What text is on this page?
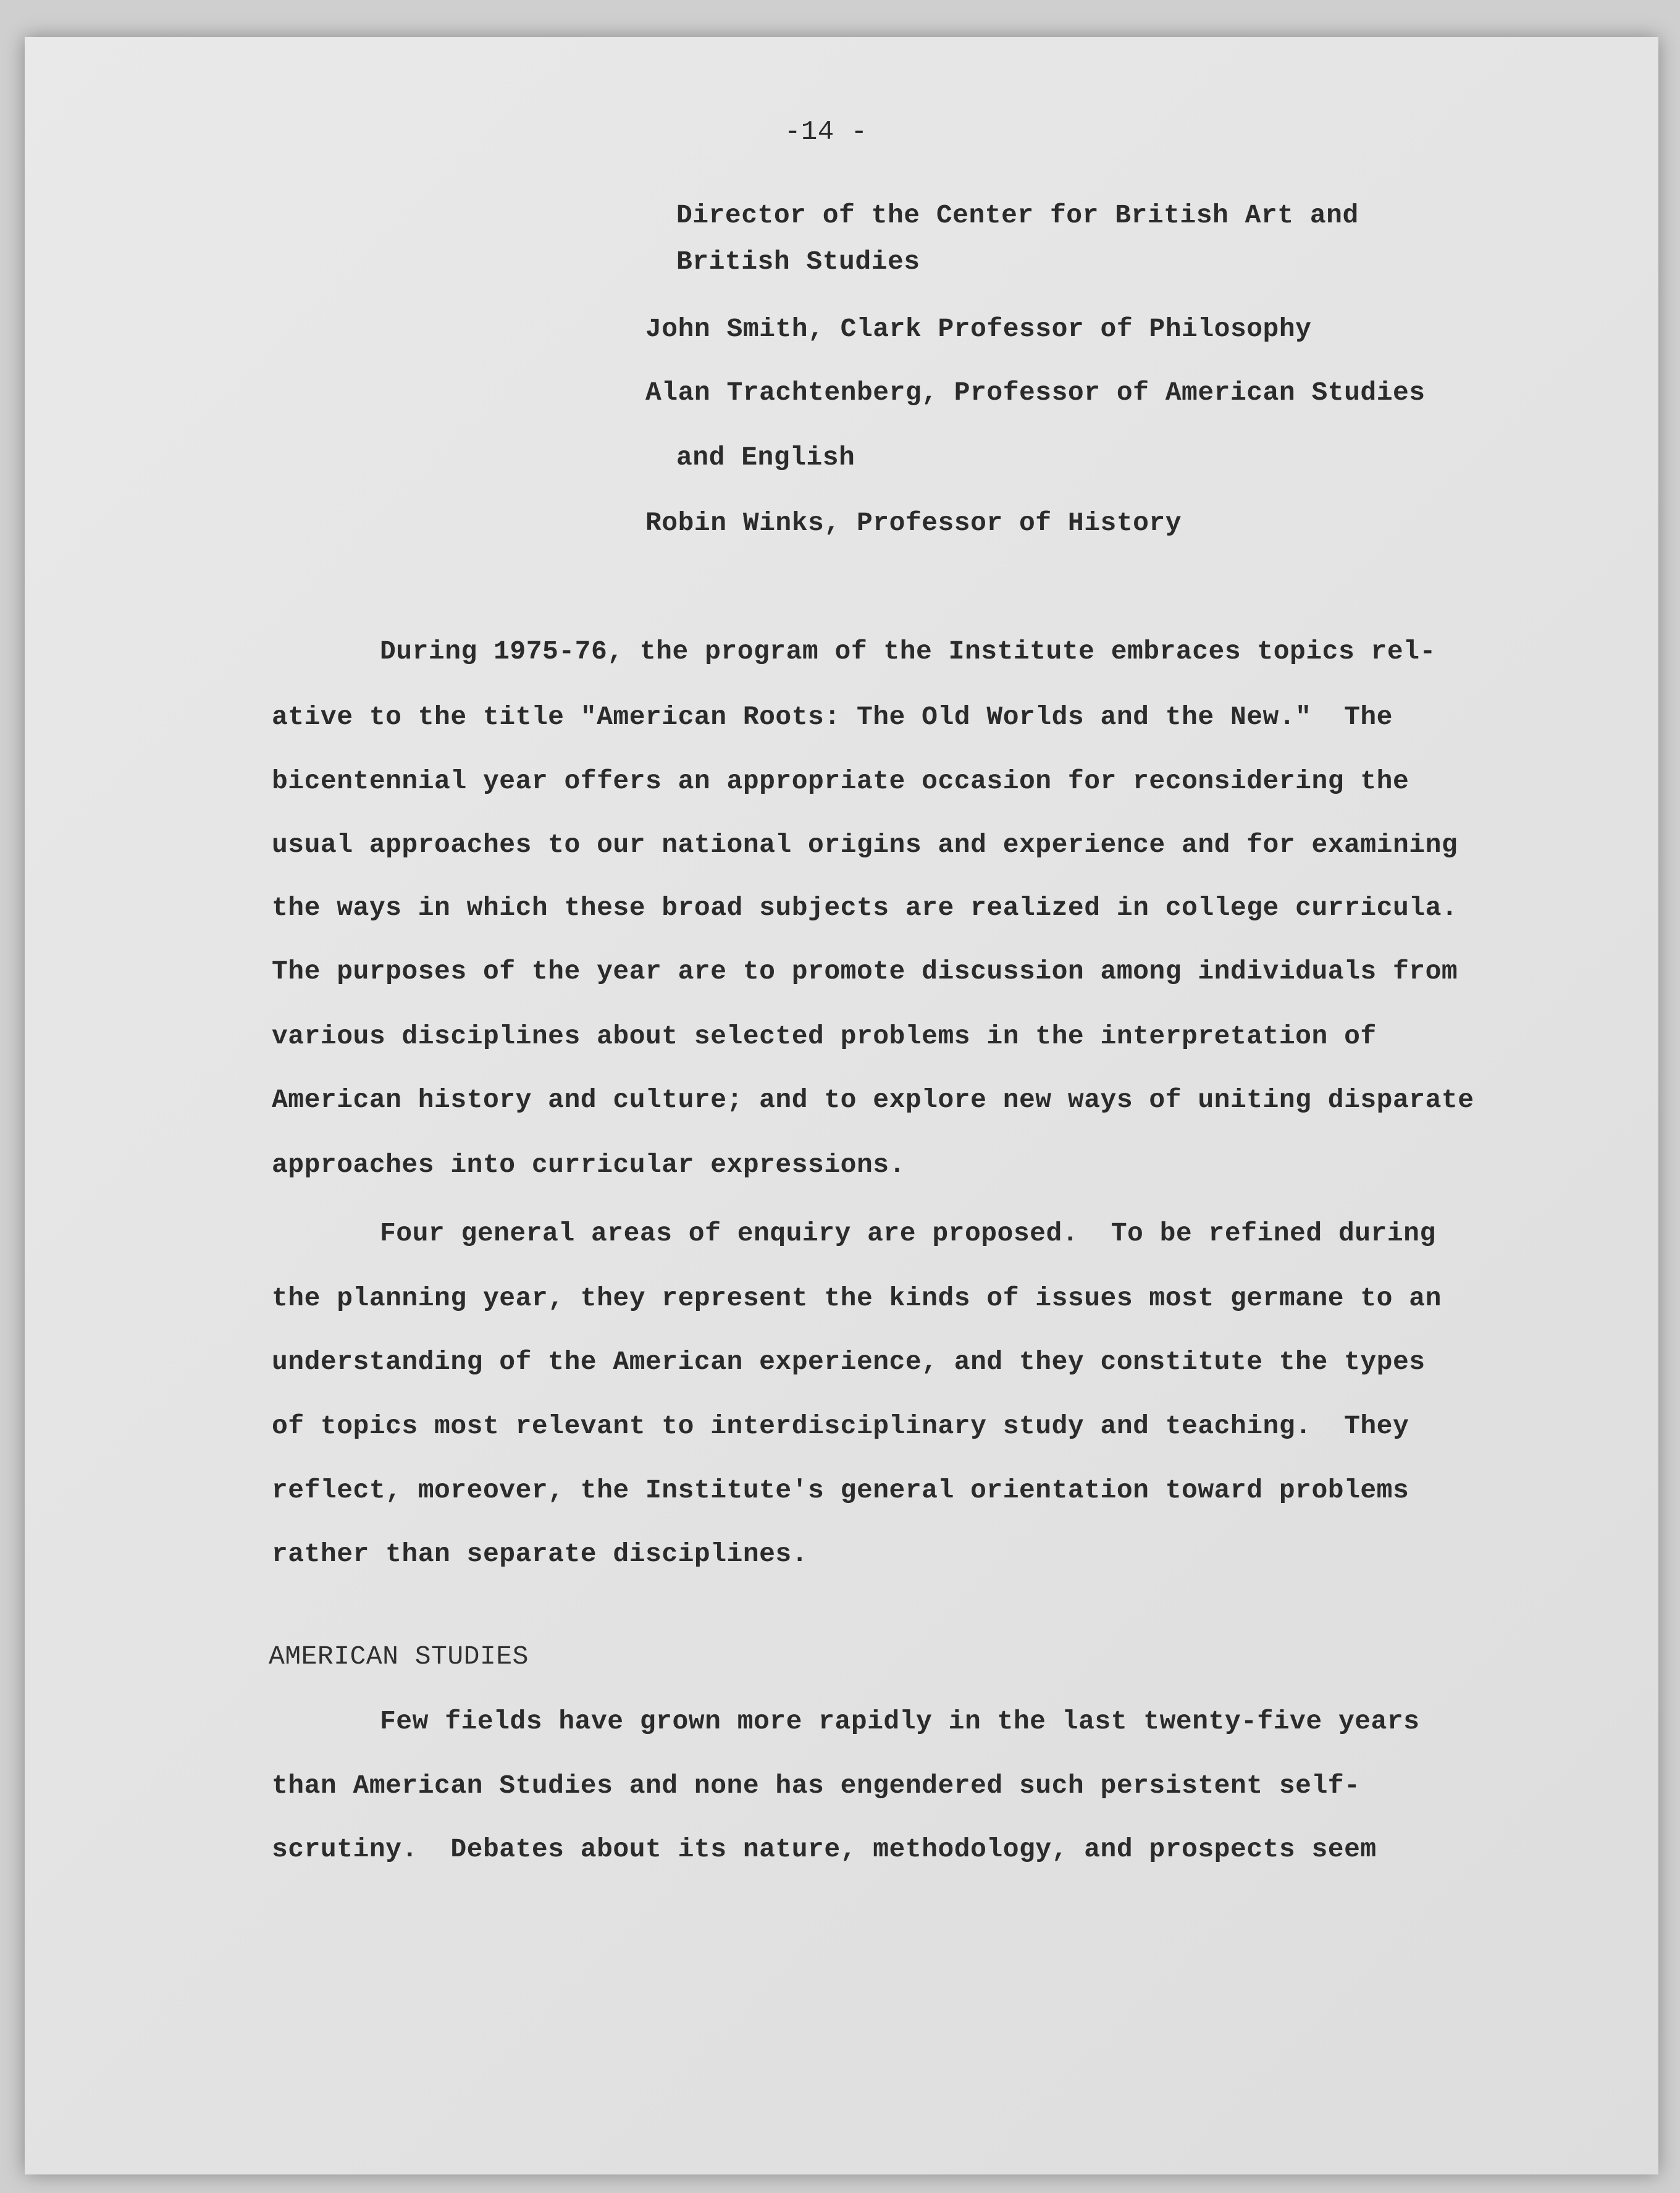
-14 -
Director of the Center for British Art and
British Studies
John Smith, Clark Professor of Philosophy
Alan Trachtenberg, Professor of American Studies
and English
Robin Winks, Professor of History
During 1975-76, the program of the Institute embraces topics rel-
ative to the title "American Roots: The Old Worlds and the New."  The
bicentennial year offers an appropriate occasion for reconsidering the
usual approaches to our national origins and experience and for examining
the ways in which these broad subjects are realized in college curricula.
The purposes of the year are to promote discussion among individuals from
various disciplines about selected problems in the interpretation of
American history and culture; and to explore new ways of uniting disparate
approaches into curricular expressions.
Four general areas of enquiry are proposed.  To be refined during
the planning year, they represent the kinds of issues most germane to an
understanding of the American experience, and they constitute the types
of topics most relevant to interdisciplinary study and teaching.  They
reflect, moreover, the Institute's general orientation toward problems
rather than separate disciplines.
AMERICAN STUDIES
Few fields have grown more rapidly in the last twenty-five years
than American Studies and none has engendered such persistent self-
scrutiny.  Debates about its nature, methodology, and prospects seem
